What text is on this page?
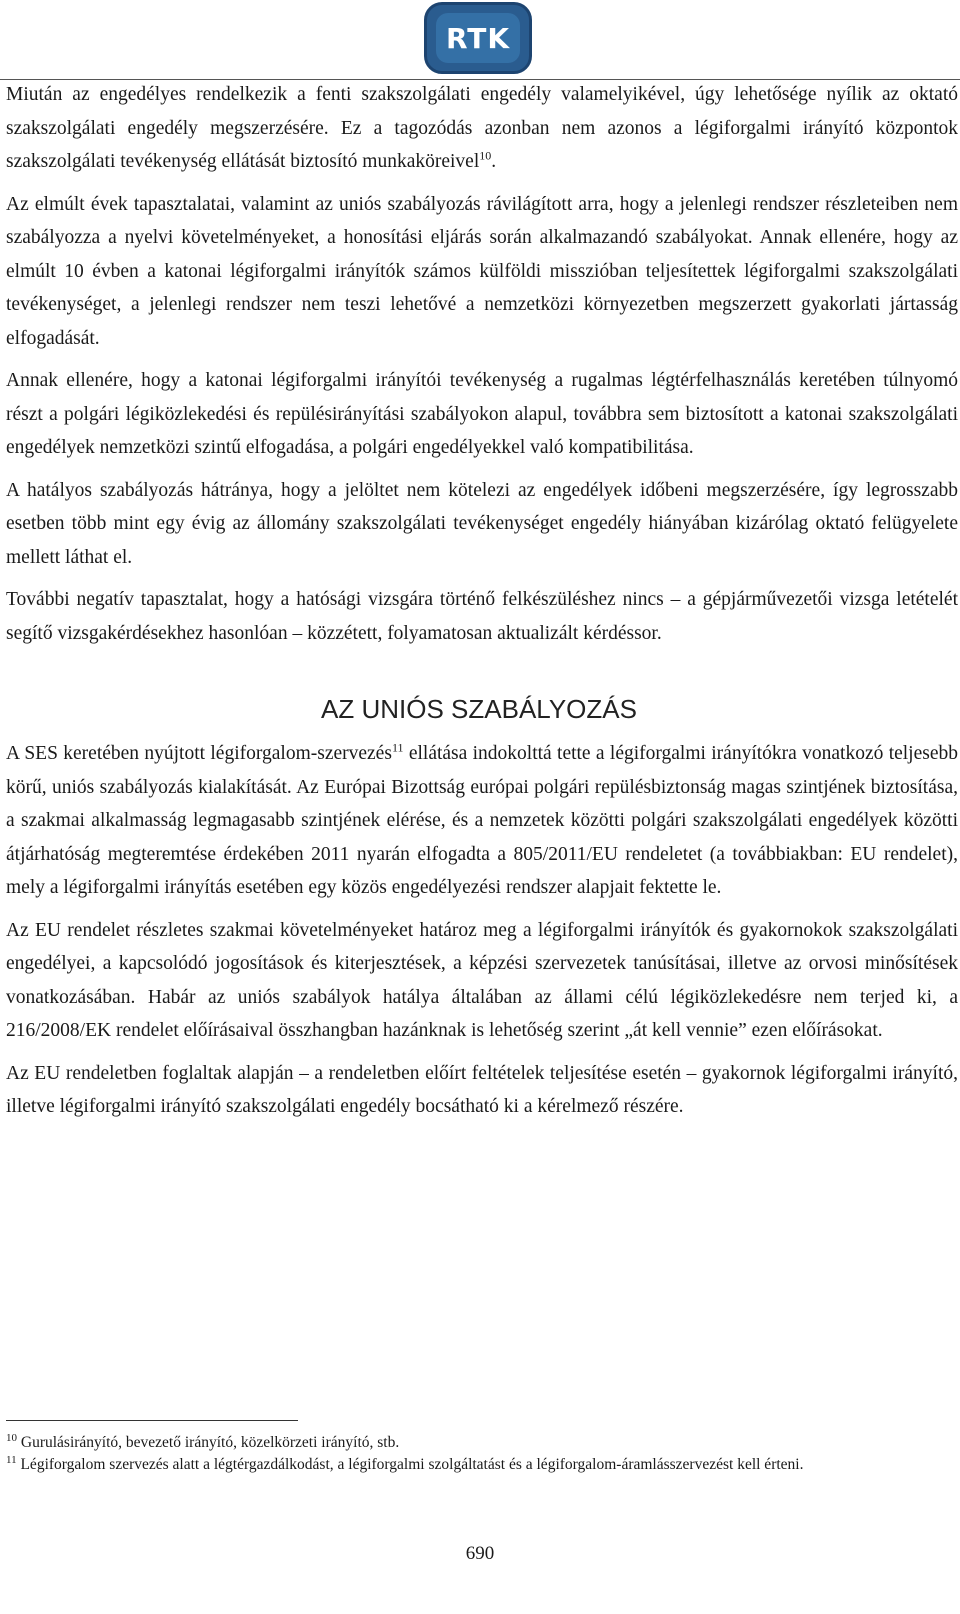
RTK

Miután az engedélyes rendelkezik a fenti szakszolgálati engedély valamelyikével, úgy lehetősége nyílik az oktató szakszolgálati engedély megszerzésére. Ez a tagozódás azonban nem azonos a légiforgalmi irányító központok szakszolgálati tevékenység ellátását biztosító munkaköreivel$^{10}$.

Az elmúlt évek tapasztalatai, valamint az uniós szabályozás rávilágított arra, hogy a jelenlegi rendszer részleteiben nem szabályozza a nyelvi követelményeket, a honosítási eljárás során alkalmazandó szabályokat. Annak ellenére, hogy az elmúlt 10 évben a katonai légiforgalmi irányítók számos külföldi misszióban teljesítettek légiforgalmi szakszolgálati tevékenységet, a jelenlegi rendszer nem teszi lehetővé a nemzetközi környezetben megszerzett gyakorlati jártasság elfogadását.

Annak ellenére, hogy a katonai légiforgalmi irányítói tevékenység a rugalmas légtérfelhasználás keretében túlnyomó részt a polgári légiközlekedési és repülésirányítási szabályokon alapul, továbbra sem biztosított a katonai szakszolgálati engedélyek nemzetközi szintű elfogadása, a polgári engedélyekkel való kompatibilitása.

A hatályos szabályozás hátránya, hogy a jelöltet nem kötelezi az engedélyek időbeni megszerzésére, így legrosszabb esetben több mint egy évig az állomány szakszolgálati tevékenységet engedély hiányában kizárólag oktató felügyelete mellett láthat el.

További negatív tapasztalat, hogy a hatósági vizsgára történő felkészüléshez nincs – a gépjárművezetői vizsga letételét segítő vizsgakérdésekhez hasonlóan – közzétett, folyamatosan aktualizált kérdéssor.

AZ UNIÓS SZABÁLYOZÁS

A SES keretében nyújtott légiforgalom-szervezés$^{11}$ ellátása indokolttá tette a légiforgalmi irányítókra vonatkozó teljesebb körű, uniós szabályozás kialakítását. Az Európai Bizottság európai polgári repülésbiztonság magas szintjének biztosítása, a szakmai alkalmasság legmagasabb szintjének elérése, és a nemzetek közötti polgári szakszolgálati engedélyek közötti átjárhatóság megteremtése érdekében 2011 nyarán elfogadta a 805/2011/EU rendeletet (a továbbiakban: EU rendelet), mely a légiforgalmi irányítás esetében egy közös engedélyezési rendszer alapjait fektette le.

Az EU rendelet részletes szakmai követelményeket határoz meg a légiforgalmi irányítók és gyakornokok szakszolgálati engedélyei, a kapcsolódó jogosítások és kiterjesztések, a képzési szervezetek tanúsításai, illetve az orvosi minősítések vonatkozásában. Habár az uniós szabályok hatálya általában az állami célú légiközlekedésre nem terjed ki, a 216/2008/EK rendelet előírásaival összhangban hazánknak is lehetőség szerint „át kell vennie” ezen előírásokat.

Az EU rendeletben foglaltak alapján – a rendeletben előírt feltételek teljesítése esetén – gyakornok légiforgalmi irányító, illetve légiforgalmi irányító szakszolgálati engedély bocsátható ki a kérelmező részére.

$^{10}$ Gurulásirányító, bevezető irányító, közelkörzeti irányító, stb.
$^{11}$ Légiforgalom szervezés alatt a légtérgazdálkodást, a légiforgalmi szolgáltatást és a légiforgalom-áramlásszervezést kell érteni.
690
